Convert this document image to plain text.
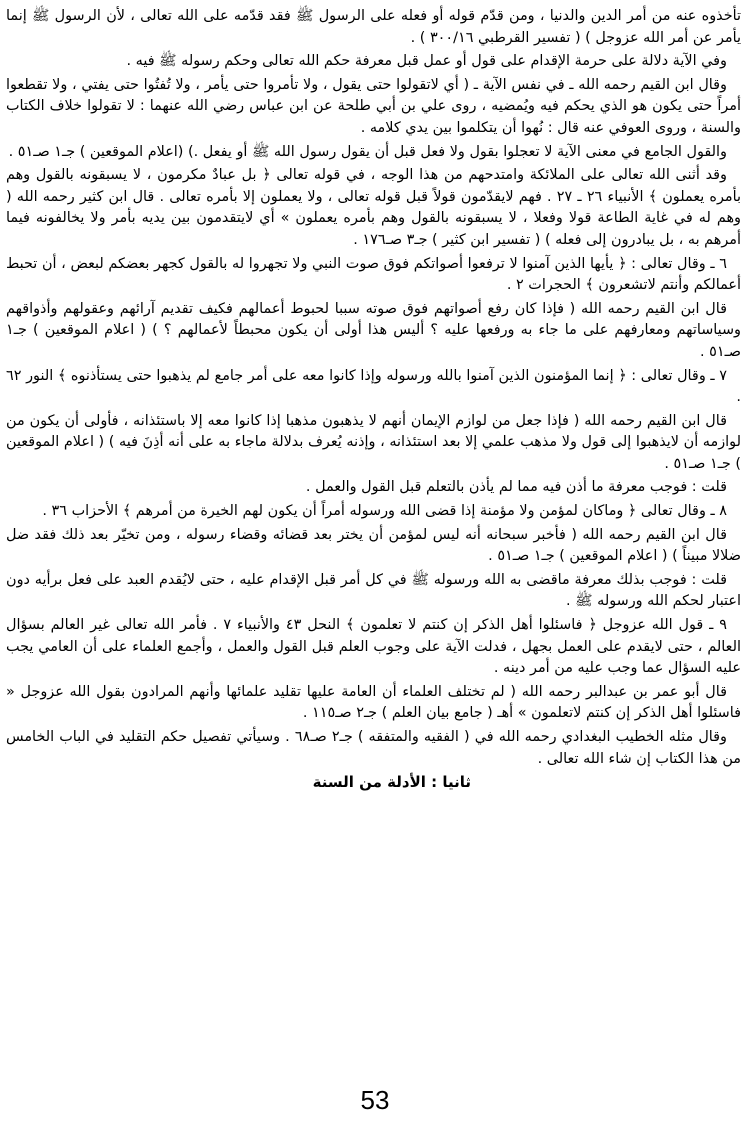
تأخذوه عنه من أمر الدين والدنيا ، ومن قدّم قوله أو فعله على الرسول ﷺ فقد قدّمه على الله تعالى ، لأن الرسول ﷺ إنما يأمر عن أمر الله عزوجل ) ( تفسير القرطبي ٣٠٠/١٦ ) .

وفي الآية دلالة على حرمة الإقدام على قول أو عمل قبل معرفة حكم الله تعالى وحكم رسوله ﷺ فيه .

وقال ابن القيم رحمه الله ـ في نفس الآية ـ ( أي لاتقولوا حتى يقول ، ولا تأمروا حتى يأمر ، ولا تُفتُوا حتى يفتي ، ولا تقطعوا أمراً حتى يكون هو الذي يحكم فيه ويُمضيه ، روى علي بن أبي طلحة عن ابن عباس رضي الله عنهما : لا تقولوا خلاف الكتاب والسنة ، وروى العوفي عنه قال : نُهوا أن يتكلموا بين يدي كلامه .

والقول الجامع في معنى الآية لا تعجلوا بقول ولا فعل قبل أن يقول رسول الله ﷺ أو يفعل .) (اعلام الموقعين ) جـ١ صـ٥١ .

وقد أثنى الله تعالى على الملائكة وامتدحهم من هذا الوجه ، في قوله تعالى ﴿ بل عبادٌ مكرمون ، لا يسبقونه بالقول وهم بأمره يعملون ﴾ الأنبياء ٢٦ ـ ٢٧ . فهم لايقدّمون قولاً قبل قوله تعالى ، ولا يعملون إلا بأمره تعالى . قال ابن كثير رحمه الله ( وهم له في غاية الطاعة قولا وفعلا ، لا يسبقونه بالقول وهم بأمره يعملون » أي لايتقدمون بين يديه بأمر ولا يخالفونه فيما أمرهم به ، بل يبادرون إلى فعله ) ( تفسير ابن كثير ) جـ٣ صـ١٧٦ .

٦ ـ وقال تعالى : ﴿ يأيها الذين آمنوا لا ترفعوا أصواتكم فوق صوت النبي ولا تجهروا له بالقول كجهر بعضكم لبعض ، أن تحبط أعمالكم وأنتم لاتشعرون ﴾ الحجرات ٢ .

قال ابن القيم رحمه الله ( فإذا كان رفع أصواتهم فوق صوته سببا لحبوط أعمالهم فكيف تقديم آرائهم وعقولهم وأذواقهم وسياساتهم ومعارفهم على ما جاء به ورفعها عليه ؟ أليس هذا أولى أن يكون محبطاً لأعمالهم ؟ ) ( اعلام الموقعين ) جـ١ صـ٥١ .

٧ ـ وقال تعالى : ﴿ إنما المؤمنون الذين آمنوا بالله ورسوله وإذا كانوا معه على أمر جامع لم يذهبوا حتى يستأذنوه ﴾ النور ٦٢ .

قال ابن القيم رحمه الله ( فإذا جعل من لوازم الإيمان أنهم لا يذهبون مذهبا إذا كانوا معه إلا باستئذانه ، فأولى أن يكون من لوازمه أن لايذهبوا إلى قول ولا مذهب علمي إلا بعد استئذانه ، وإذنه يُعرف بدلالة ماجاء به على أنه أذِنَ فيه ) ( اعلام الموقعين ) جـ١ صـ٥١ .

قلت : فوجب معرفة ما أذن فيه مما لم يأذن بالتعلم قبل القول والعمل .

٨ ـ وقال تعالى ﴿ وماكان لمؤمن ولا مؤمنة إذا قضى الله ورسوله أمراً أن يكون لهم الخيرة من أمرهم ﴾ الأحزاب ٣٦ .

قال ابن القيم رحمه الله ( فأخبر سبحانه أنه ليس لمؤمن أن يختر بعد قضائه وقضاء رسوله ، ومن تخيّر بعد ذلك فقد ضل ضلالا مبيناً ) ( اعلام الموقعين ) جـ١ صـ٥١ .

قلت : فوجب بذلك معرفة ماقضى به الله ورسوله ﷺ في كل أمر قبل الإقدام عليه ، حتى لايُقدم العبد على فعل برأيه دون اعتبار لحكم الله ورسوله ﷺ .

٩ ـ قول الله عزوجل ﴿ فاسئلوا أهل الذكر إن كنتم لا تعلمون ﴾ النحل ٤٣ والأنبياء ٧ . فأمر الله تعالى غير العالم بسؤال العالم ، حتى لايقدم على العمل بجهل ، فدلت الآية على وجوب العلم قبل القول والعمل ، وأجمع العلماء على أن العامي يجب عليه السؤال عما وجب عليه من أمر دينه .

قال أبو عمر بن عبدالبر رحمه الله ( لم تختلف العلماء أن العامة عليها تقليد علمائها وأنهم المرادون بقول الله عزوجل « فاسئلوا أهل الذكر إن كنتم لاتعلمون » أهـ ( جامع بيان العلم ) جـ٢ صـ١١٥ .

وقال مثله الخطيب البغدادي رحمه الله في ( الفقيه والمتفقه ) جـ٢ صـ٦٨ . وسيأتي تفصيل حكم التقليد في الباب الخامس من هذا الكتاب إن شاء الله تعالى .

ثانيا : الأدلة من السنة

53
